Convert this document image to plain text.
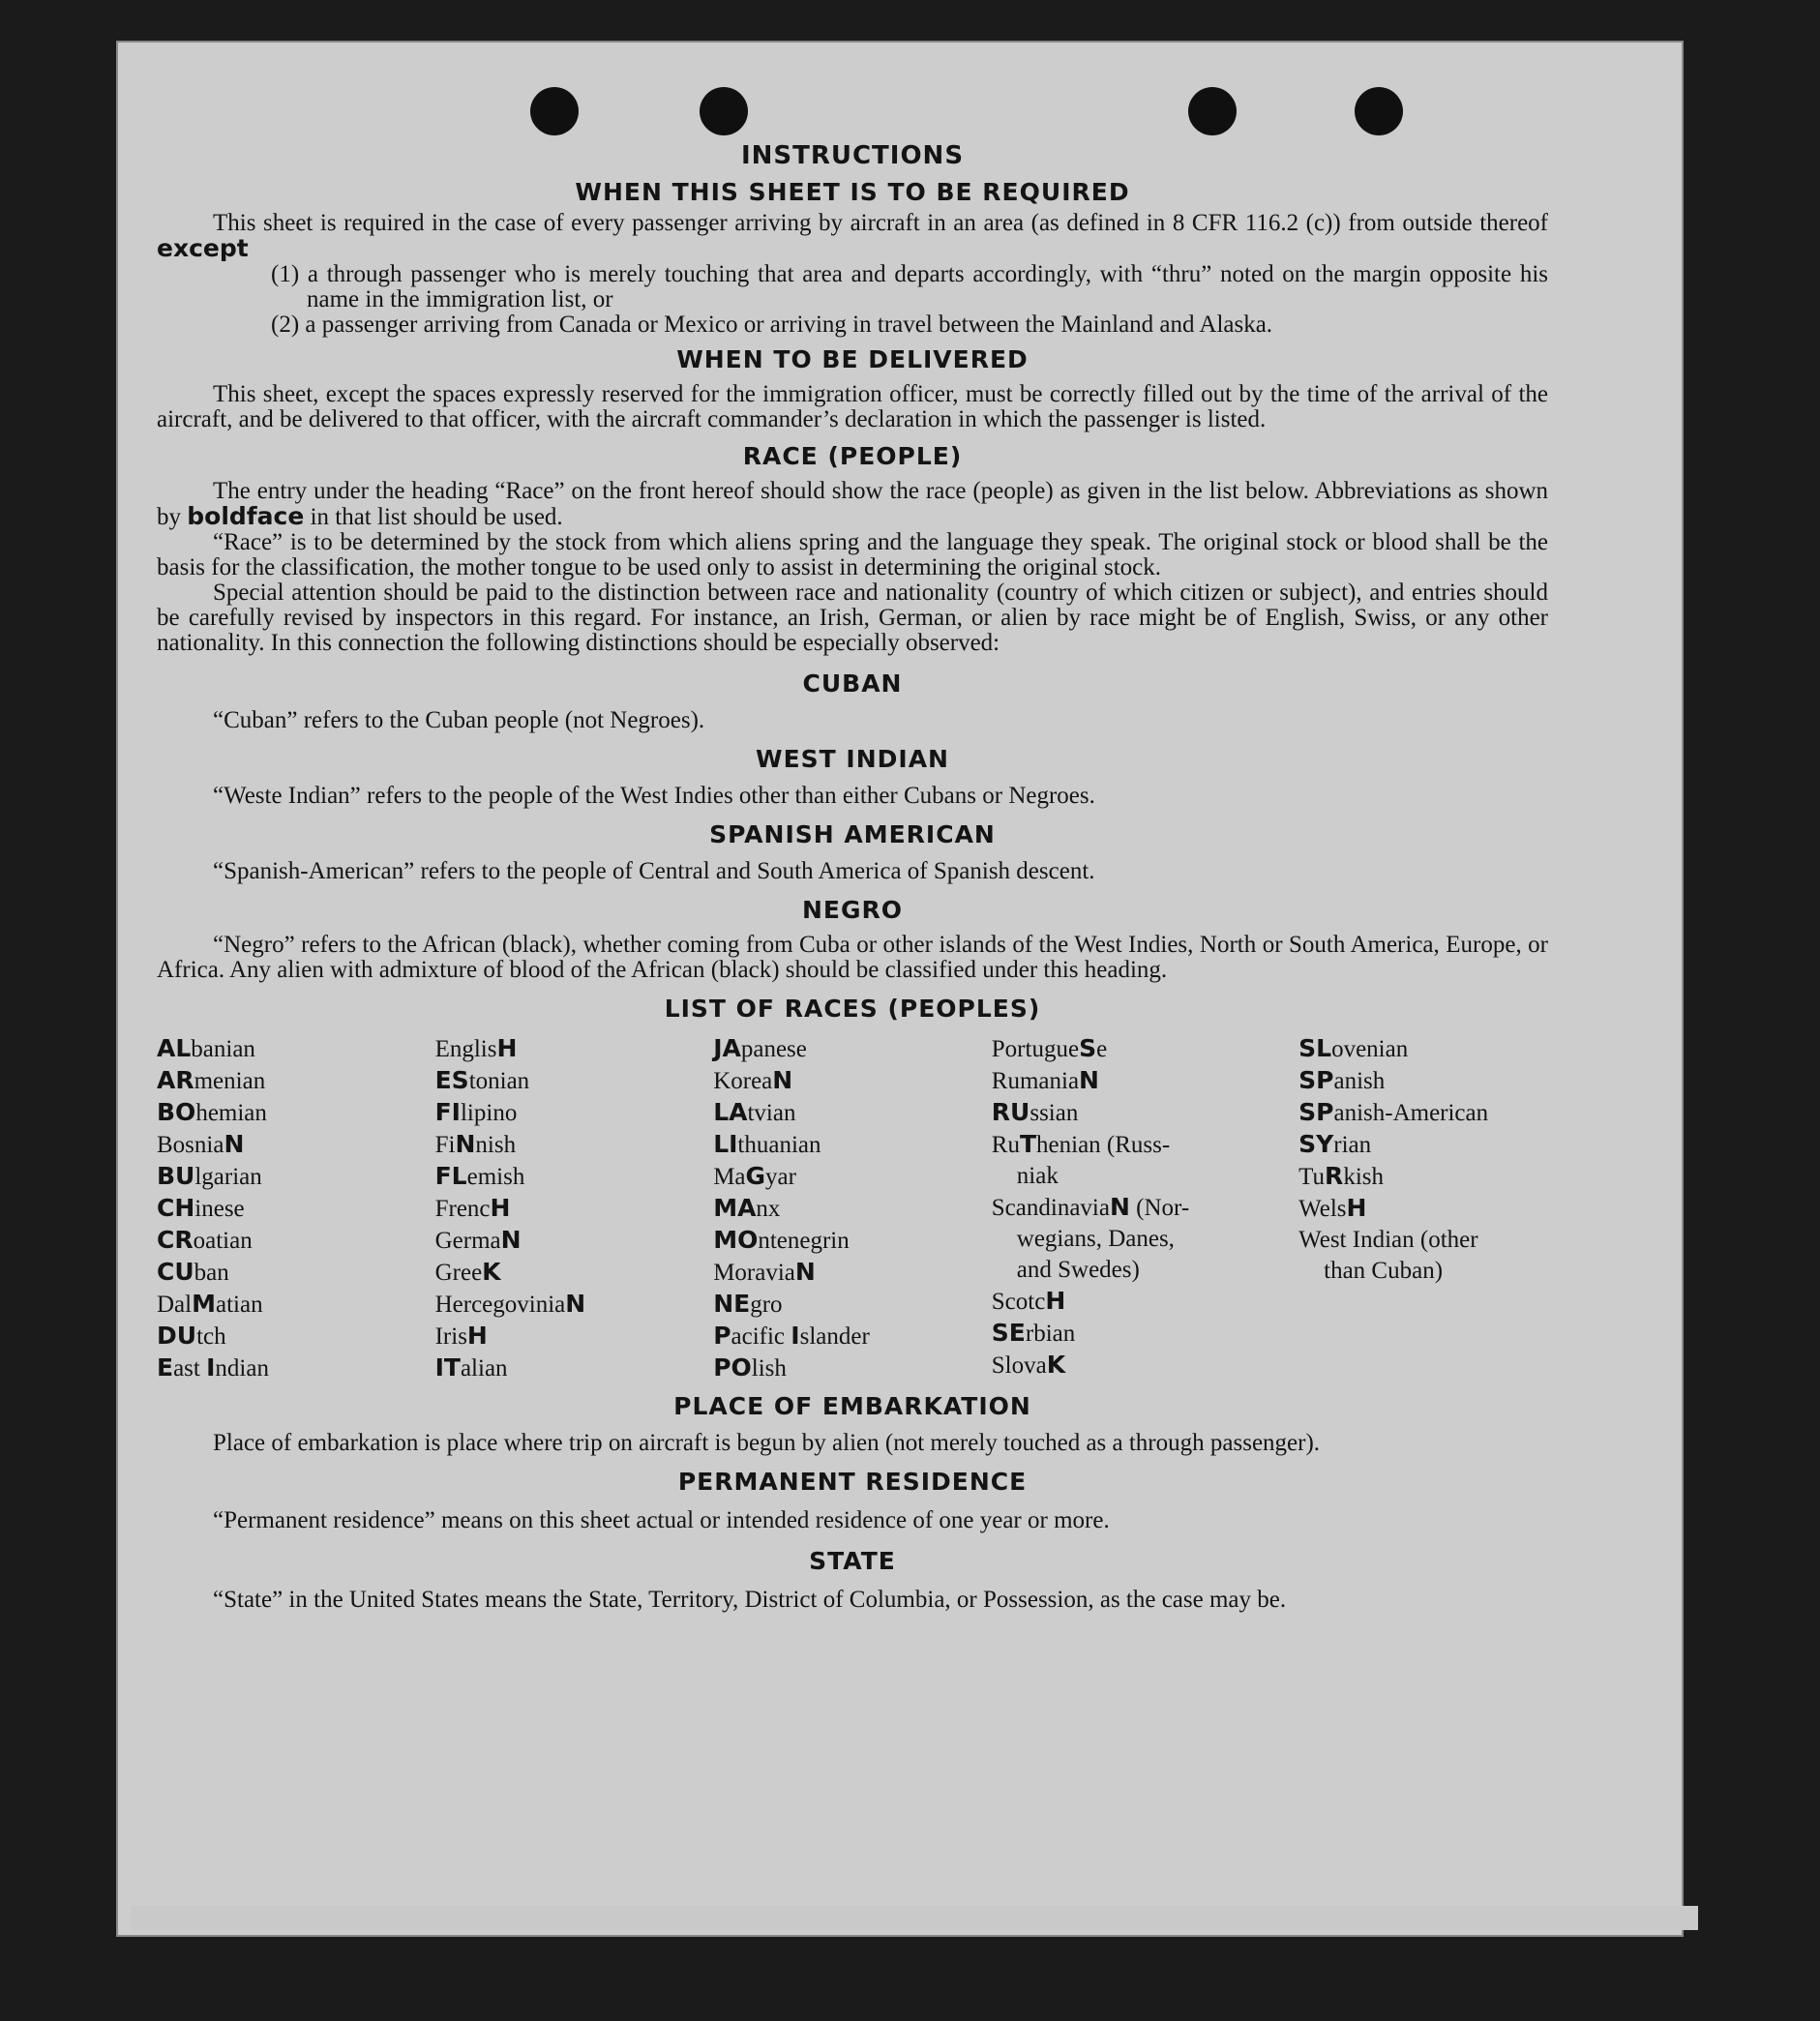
INSTRUCTIONS
WHEN THIS SHEET IS TO BE REQUIRED

This sheet is required in the case of every passenger arriving by aircraft in an area (as defined in 8 CFR 116.2 (c)) from outside thereof except

(1) a through passenger who is merely touching that area and departs accordingly, with “thru” noted on the margin opposite his name in the immigration list, or

(2) a passenger arriving from Canada or Mexico or arriving in travel between the Mainland and Alaska.

WHEN TO BE DELIVERED

This sheet, except the spaces expressly reserved for the immigration officer, must be correctly filled out by the time of the arrival of the aircraft, and be delivered to that officer, with the aircraft commander’s declaration in which the passenger is listed.

RACE (PEOPLE)

The entry under the heading “Race” on the front hereof should show the race (people) as given in the list below. Abbreviations as shown by boldface in that list should be used.

“Race” is to be determined by the stock from which aliens spring and the language they speak. The original stock or blood shall be the basis for the classification, the mother tongue to be used only to assist in determining the original stock.

Special attention should be paid to the distinction between race and nationality (country of which citizen or subject), and entries should be carefully revised by inspectors in this regard. For instance, an Irish, German, or alien by race might be of English, Swiss, or any other nationality. In this connection the following distinctions should be especially observed:

CUBAN

“Cuban” refers to the Cuban people (not Negroes).

WEST INDIAN

“Weste Indian” refers to the people of the West Indies other than either Cubans or Negroes.

SPANISH AMERICAN

“Spanish-American” refers to the people of Central and South America of Spanish descent.

NEGRO

“Negro” refers to the African (black), whether coming from Cuba or other islands of the West Indies, North or South America, Europe, or Africa. Any alien with admixture of blood of the African (black) should be classified under this heading.

LIST OF RACES (PEOPLES)
ALbanian
ARmenian
BOhemian
BosniaN
BUlgarian
CHinese
CRoatian
CUban
DalMatian
DUtch
East Indian
EnglisH
EStonian
FIlipino
FiNnish
FLemish
FrencH
GermaN
GreeK
HercegoviniaN
IrisH
ITalian
JApanese
KoreaN
LAtvian
LIthuanian
MaGyar
MAnx
MOntenegrin
MoraviaN
NEgro
Pacific Islander
POlish
PortugueSe
RumaniaN
RUssian
RuThenian (Russ-
niak
ScandinaviaN (Nor-
wegians, Danes,
and Swedes)
ScotcH
SErbian
SlovaK
SLovenian
SPanish
SPanish-American
SYrian
TuRkish
WelsH
West Indian (other
than Cuban)
PLACE OF EMBARKATION

Place of embarkation is place where trip on aircraft is begun by alien (not merely touched as a through passenger).

PERMANENT RESIDENCE

“Permanent residence” means on this sheet actual or intended residence of one year or more.

STATE

“State” in the United States means the State, Territory, District of Columbia, or Possession, as the case may be.
